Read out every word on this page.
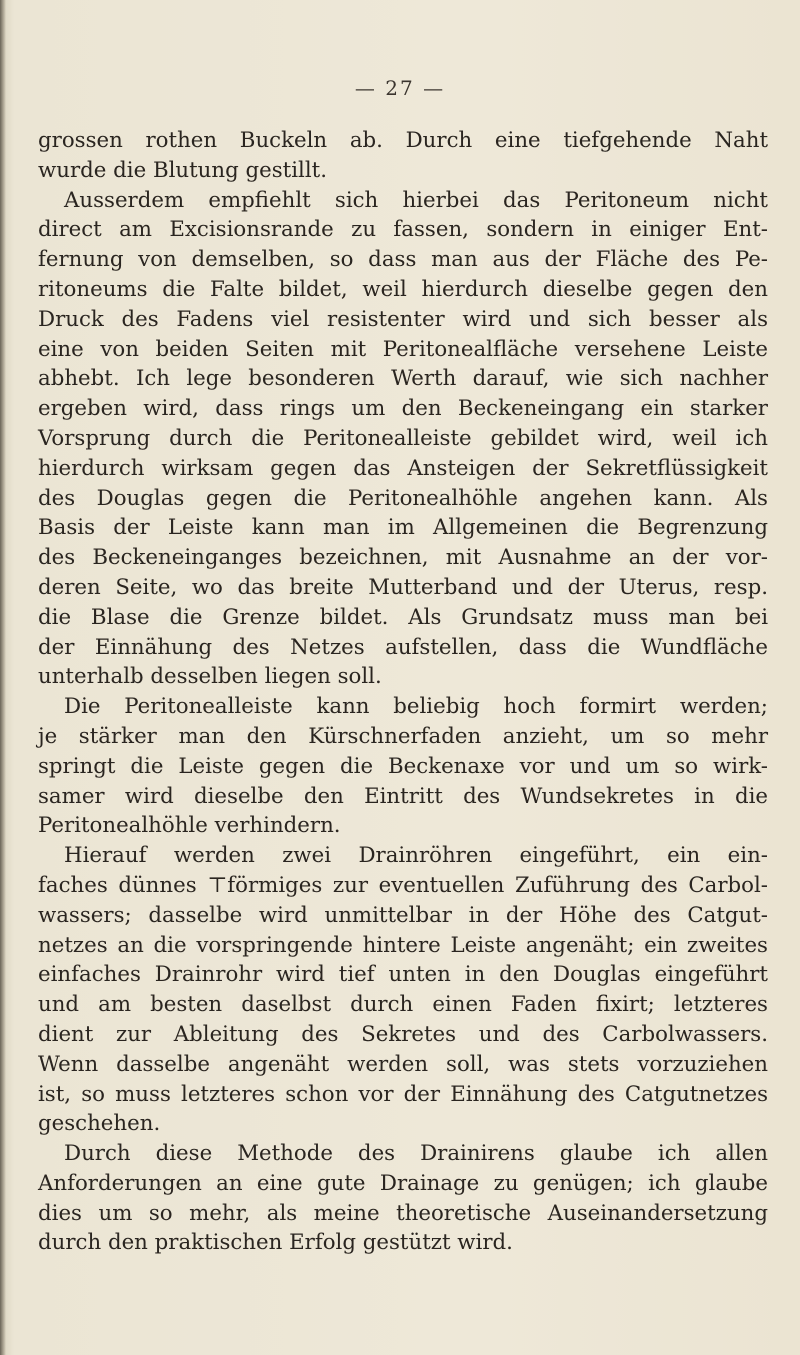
— 27 —
grossen rothen Buckeln ab. Durch eine tiefgehende Naht
wurde die Blutung gestillt.
Ausserdem empfiehlt sich hierbei das Peritoneum nicht
direct am Excisionsrande zu fassen, sondern in einiger Ent-
fernung von demselben, so dass man aus der Fläche des Pe-
ritoneums die Falte bildet, weil hierdurch dieselbe gegen den
Druck des Fadens viel resistenter wird und sich besser als
eine von beiden Seiten mit Peritonealfläche versehene Leiste
abhebt. Ich lege besonderen Werth darauf, wie sich nachher
ergeben wird, dass rings um den Beckeneingang ein starker
Vorsprung durch die Peritonealleiste gebildet wird, weil ich
hierdurch wirksam gegen das Ansteigen der Sekretflüssigkeit
des Douglas gegen die Peritonealhöhle angehen kann. Als
Basis der Leiste kann man im Allgemeinen die Begrenzung
des Beckeneinganges bezeichnen, mit Ausnahme an der vor-
deren Seite, wo das breite Mutterband und der Uterus, resp.
die Blase die Grenze bildet. Als Grundsatz muss man bei
der Einnähung des Netzes aufstellen, dass die Wundfläche
unterhalb desselben liegen soll.
Die Peritonealleiste kann beliebig hoch formirt werden;
je stärker man den Kürschnerfaden anzieht, um so mehr
springt die Leiste gegen die Beckenaxe vor und um so wirk-
samer wird dieselbe den Eintritt des Wundsekretes in die
Peritonealhöhle verhindern.
Hierauf werden zwei Drainröhren eingeführt, ein ein-
faches dünnes ⊤förmiges zur eventuellen Zuführung des Carbol-
wassers; dasselbe wird unmittelbar in der Höhe des Catgut-
netzes an die vorspringende hintere Leiste angenäht; ein zweites
einfaches Drainrohr wird tief unten in den Douglas eingeführt
und am besten daselbst durch einen Faden fixirt; letzteres
dient zur Ableitung des Sekretes und des Carbolwassers.
Wenn dasselbe angenäht werden soll, was stets vorzuziehen
ist, so muss letzteres schon vor der Einnähung des Catgutnetzes
geschehen.
Durch diese Methode des Drainirens glaube ich allen
Anforderungen an eine gute Drainage zu genügen; ich glaube
dies um so mehr, als meine theoretische Auseinandersetzung
durch den praktischen Erfolg gestützt wird.
